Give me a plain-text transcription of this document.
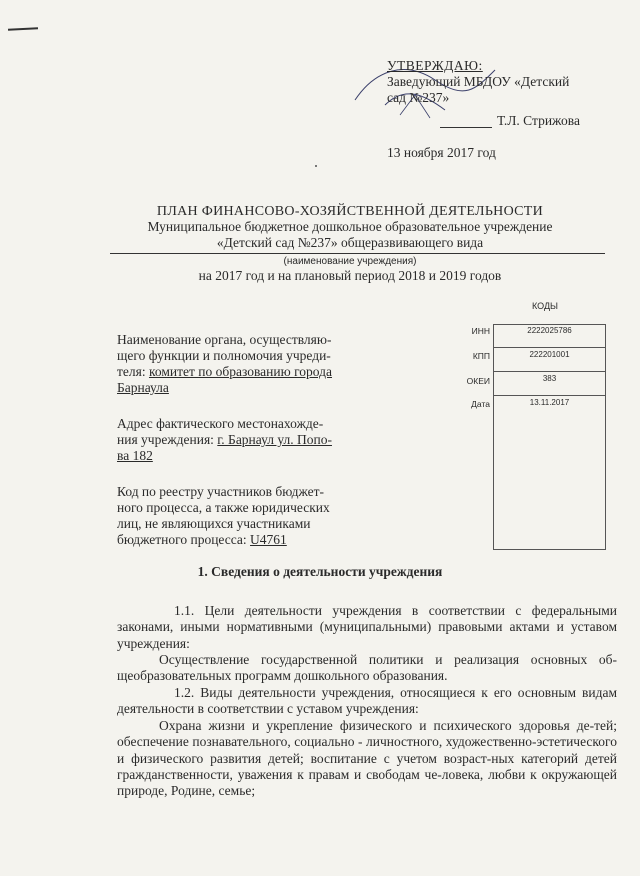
УТВЕРЖДАЮ:
Заведующий МБДОУ «Детский
сад №237»
Т.Л. Стрижова
13 ноября 2017 год
ПЛАН ФИНАНСОВО-ХОЗЯЙСТВЕННОЙ ДЕЯТЕЛЬНОСТИ
Муниципальное бюджетное дошкольное образовательное учреждение
«Детский сад №237» общеразвивающего вида
(наименование учреждения)
на 2017 год и на плановый период 2018 и 2019 годов
КОДЫ
ИНН
КПП
ОКЕИ
Дата
2222025786
222201001
383
13.11.2017
Наименование органа, осуществляю-
щего функции и полномочия учреди-
теля: комитет по образованию города
Барнаула
Адрес фактического местонахожде-
ния учреждения: г. Барнаул ул. Попо-
ва 182
Код по реестру участников бюджет-
ного процесса, а также юридических
лиц, не являющихся участниками
бюджетного процесса: U4761
1. Сведения о деятельности учреждения
1.1. Цели деятельности учреждения в соответствии с федеральными законами, иными нормативными (муниципальными) правовыми актами и уставом учреждения:
Осуществление государственной политики и реализация основных об-щеобразовательных программ дошкольного образования.
1.2. Виды деятельности учреждения, относящиеся к его основным видам деятельности в соответствии с уставом учреждения:
Охрана жизни и укрепление физического и психического здоровья де-тей; обеспечение познавательного, социально - личностного, художественно-эстетического и физического развития детей; воспитание с учетом возраст-ных категорий детей гражданственности, уважения к правам и свободам че-ловека, любви к окружающей природе, Родине, семье;
